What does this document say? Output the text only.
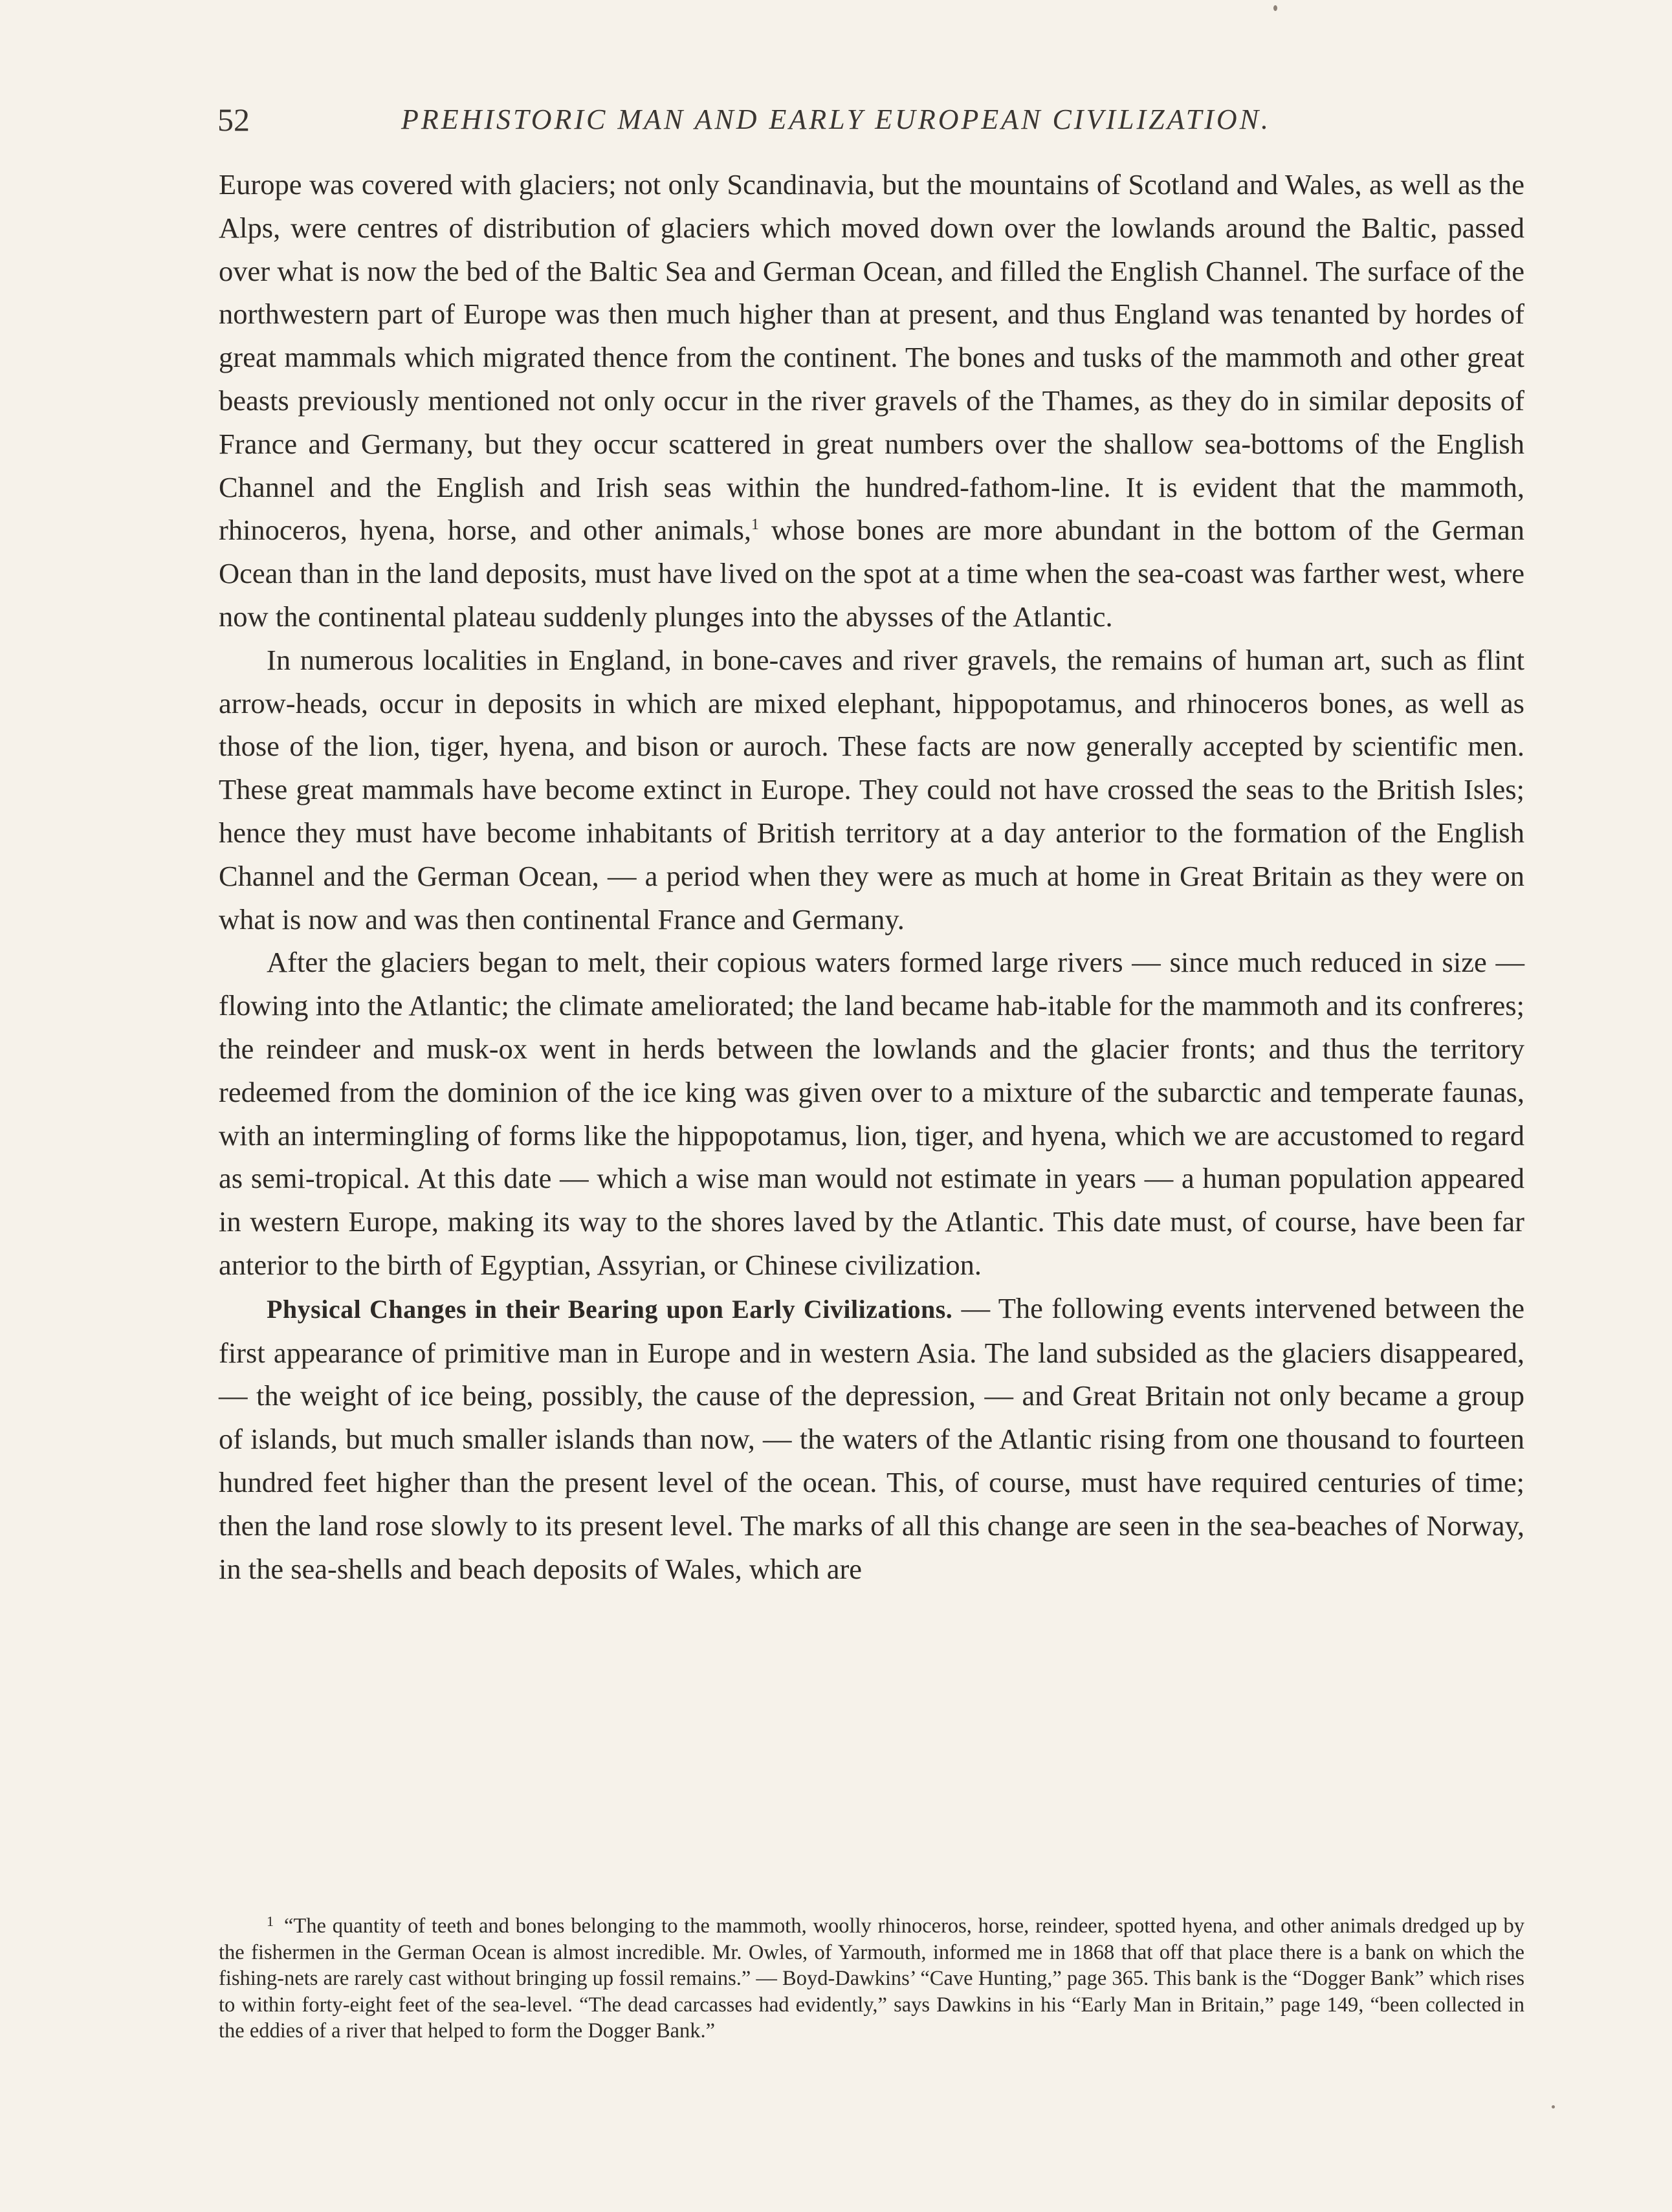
52	PREHISTORIC MAN AND EARLY EUROPEAN CIVILIZATION.

Europe was covered with glaciers; not only Scandinavia, but the mountains of Scotland and Wales, as well as the Alps, were centres of distribution of glaciers which moved down over the lowlands around the Baltic, passed over what is now the bed of the Baltic Sea and German Ocean, and filled the English Channel. The surface of the northwestern part of Europe was then much higher than at present, and thus England was tenanted by hordes of great mammals which migrated thence from the continent. The bones and tusks of the mammoth and other great beasts previously mentioned not only occur in the river gravels of the Thames, as they do in similar deposits of France and Germany, but they occur scattered in great numbers over the shallow sea-bottoms of the English Channel and the English and Irish seas within the hundred-fathom-line. It is evident that the mammoth, rhinoceros, hyena, horse, and other animals,$^1$ whose bones are more abundant in the bottom of the German Ocean than in the land deposits, must have lived on the spot at a time when the sea-coast was farther west, where now the continental plateau suddenly plunges into the abysses of the Atlantic.

In numerous localities in England, in bone-caves and river gravels, the remains of human art, such as flint arrow-heads, occur in deposits in which are mixed elephant, hippopotamus, and rhinoceros bones, as well as those of the lion, tiger, hyena, and bison or auroch. These facts are now generally accepted by scientific men. These great mammals have become extinct in Europe. They could not have crossed the seas to the British Isles; hence they must have become inhabitants of British territory at a day anterior to the formation of the English Channel and the German Ocean, — a period when they were as much at home in Great Britain as they were on what is now and was then continental France and Germany.

After the glaciers began to melt, their copious waters formed large rivers — since much reduced in size — flowing into the Atlantic; the climate ameliorated; the land became hab-itable for the mammoth and its confreres; the reindeer and musk-ox went in herds between the lowlands and the glacier fronts; and thus the territory redeemed from the dominion of the ice king was given over to a mixture of the subarctic and temperate faunas, with an intermingling of forms like the hippopotamus, lion, tiger, and hyena, which we are accustomed to regard as semi-tropical. At this date — which a wise man would not estimate in years — a human population appeared in western Europe, making its way to the shores laved by the Atlantic. This date must, of course, have been far anterior to the birth of Egyptian, Assyrian, or Chinese civilization.

Physical Changes in their Bearing upon Early Civilizations. — The following events intervened between the first appearance of primitive man in Europe and in western Asia. The land subsided as the glaciers disappeared, — the weight of ice being, possibly, the cause of the depression, — and Great Britain not only became a group of islands, but much smaller islands than now, — the waters of the Atlantic rising from one thousand to fourteen hundred feet higher than the present level of the ocean. This, of course, must have required centuries of time; then the land rose slowly to its present level. The marks of all this change are seen in the sea-beaches of Norway, in the sea-shells and beach deposits of Wales, which are

$^1$ “The quantity of teeth and bones belonging to the mammoth, woolly rhinoceros, horse, reindeer, spotted hyena, and other animals dredged up by the fishermen in the German Ocean is almost incredible. Mr. Owles, of Yarmouth, informed me in 1868 that off that place there is a bank on which the fishing-nets are rarely cast without bringing up fossil remains.” — Boyd-Dawkins’ “Cave Hunting,” page 365. This bank is the “Dogger Bank” which rises to within forty-eight feet of the sea-level. “The dead carcasses had evidently,” says Dawkins in his “Early Man in Britain,” page 149, “been collected in the eddies of a river that helped to form the Dogger Bank.”
